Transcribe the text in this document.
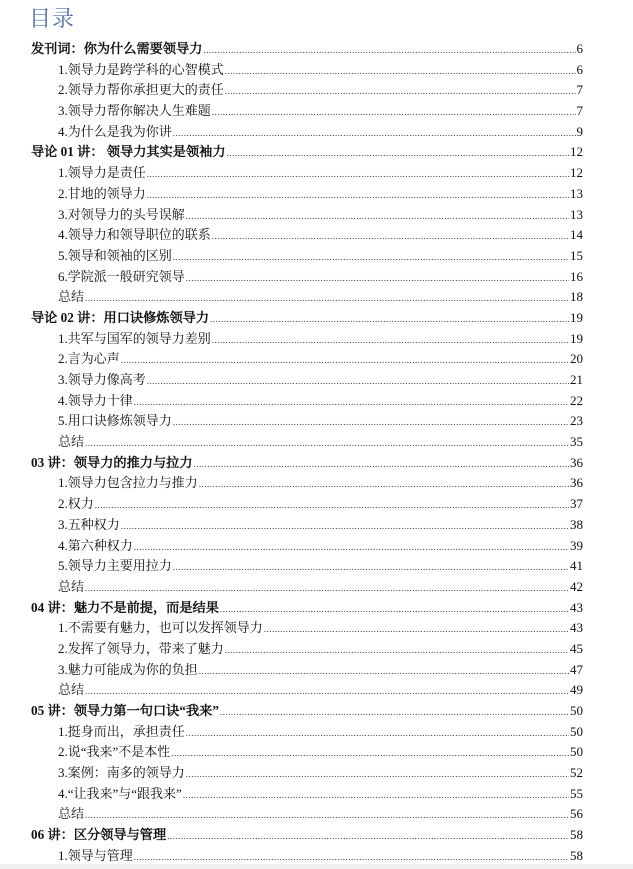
目录
发刊词：你为什么需要领导力 .....	6
1.领导力是跨学科的心智模式 .....	6
2.领导力帮你承担更大的责任 .....	7
3.领导力帮你解决人生难题 .....	7
4.为什么是我为你讲 .....	9
导论 01 讲： 领导力其实是领袖力 .....	12
1.领导力是责任 .....	12
2.甘地的领导力 .....	13
3.对领导力的头号误解 .....	13
4.领导力和领导职位的联系 .....	14
5.领导和领袖的区别 .....	15
6.学院派一般研究领导 .....	16
总结 .....	18
导论 02 讲：用口诀修炼领导力 .....	19
1.共军与国军的领导力差别 .....	19
2.言为心声 .....	20
3.领导力像高考 .....	21
4.领导力十律 .....	22
5.用口诀修炼领导力 .....	23
总结 .....	35
03 讲：领导力的推力与拉力 .....	36
1.领导力包含拉力与推力 .....	36
2.权力 .....	37
3.五种权力 .....	38
4.第六种权力 .....	39
5.领导力主要用拉力 .....	41
总结 .....	42
04 讲：魅力不是前提，而是结果 .....	43
1.不需要有魅力，也可以发挥领导力 .....	43
2.发挥了领导力，带来了魅力 .....	45
3.魅力可能成为你的负担 .....	47
总结 .....	49
05 讲：领导力第一句口诀“我来” .....	50
1.挺身而出，承担责任 .....	50
2.说“我来”不是本性 .....	50
3.案例：南多的领导力 .....	52
4.“让我来”与“跟我来” .....	55
总结 .....	56
06 讲：区分领导与管理 .....	58
1.领导与管理 .....	58
